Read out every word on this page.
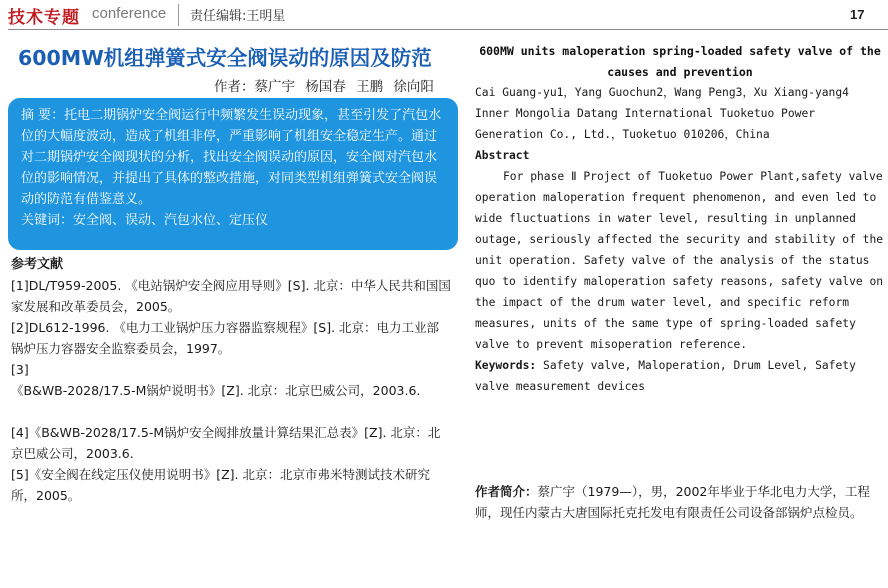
技术专题 conference 责任编辑:王明星	17
600MW机组弹簧式安全阀误动的原因及防范
作者：蔡广宇 杨国春 王鹏 徐向阳

摘 要：托电二期锅炉安全阀运行中频繁发生误动现象，甚至引发了汽包水位的大幅度波动，造成了机组非停，严重影响了机组安全稳定生产。通过对二期锅炉安全阀现状的分析，找出安全阀误动的原因，安全阀对汽包水位的影响情况，并提出了具体的整改措施，对同类型机组弹簧式安全阀误动的防范有借鉴意义。

关键词：安全阀、误动、汽包水位、定压仪

参考文献

[1]DL/T959-2005. 《电站锅炉安全阀应用导则》[S]. 北京：中华人民共和国国家发展和改革委员会，2005。

[2]DL612-1996. 《电力工业锅炉压力容器监察规程》[S]. 北京：电力工业部锅炉压力容器安全监察委员会，1997。

[3]

《B&WB-2028/17.5-M锅炉说明书》[Z]. 北京：北京巴威公司，2003.6.

[4]《B&WB-2028/17.5-M锅炉安全阀排放量计算结果汇总表》[Z]. 北京：北京巴威公司，2003.6.

[5]《安全阀在线定压仪使用说明书》[Z]. 北京：北京市弗米特测试技术研究所，2005。

600MW units maloperation spring-loaded safety valve of the causes and prevention

Cai Guang-yu1，Yang Guochun2，Wang Peng3，Xu Xiang-yang4

Inner Mongolia Datang International Tuoketuo Power Generation Co., Ltd.，Tuoketuo 010206，China

Abstract

For phase Ⅱ Project of Tuoketuo Power Plant,safety valve operation maloperation frequent phenomenon, and even led to wide fluctuations in water level, resulting in unplanned outage, seriously affected the security and stability of the unit operation. Safety valve of the analysis of the status quo to identify maloperation safety reasons, safety valve on the impact of the drum water level, and specific reform measures, units of the same type of spring-loaded safety valve to prevent misoperation reference.

Keywords: Safety valve, Maloperation, Drum Level, Safety valve measurement devices

作者简介：蔡广宇（1979—），男，2002年毕业于华北电力大学，工程师，现任内蒙古大唐国际托克托发电有限责任公司设备部锅炉点检员。
